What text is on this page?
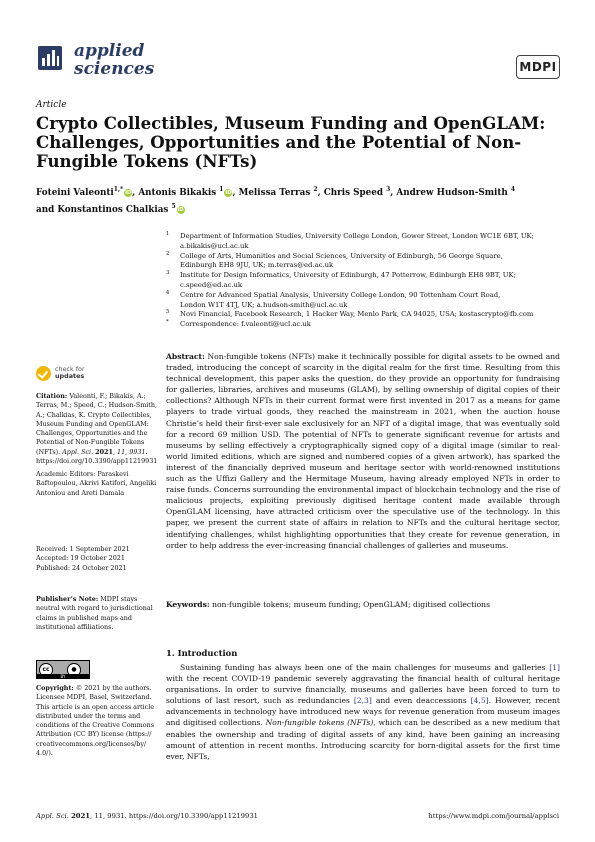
applied
sciences	MDPI
Article
Crypto Collectibles, Museum Funding and OpenGLAM: Challenges, Opportunities and the Potential of Non-Fungible Tokens (NFTs)
Foteini Valeonti$^{1,*}$ iD, Antonis Bikakis $^1$ iD, Melissa Terras $^2$, Chris Speed $^3$, Andrew Hudson-Smith $^4$
and Konstantinos Chalkias $^5$ iD
1 Department of Information Studies, University College London, Gower Street, London WC1E 6BT, UK;
a.bikakis@ucl.ac.uk
2 College of Arts, Humanities and Social Sciences, University of Edinburgh, 56 George Square,
Edinburgh EH8 9JU, UK; m.terras@ed.ac.uk
3 Institute for Design Informatics, University of Edinburgh, 47 Potterrow, Edinburgh EH8 9BT, UK;
c.speed@ed.ac.uk
4 Centre for Advanced Spatial Analysis, University College London, 90 Tottenham Court Road,
London W1T 4TJ, UK; a.hudson-smith@ucl.ac.uk
5 Novi Financial, Facebook Research, 1 Hacker Way, Menlo Park, CA 94025, USA; kostascrypto@fb.com
* Correspondence: f.valeonti@ucl.ac.uk
check for
updates
Citation: Valeonti, F.; Bikakis, A.; Terras, M.; Speed, C.; Hudson-Smith, A.; Chalkias, K. Crypto Collectibles, Museum Funding and OpenGLAM: Challenges, Opportunities and the Potential of Non-Fungible Tokens (NFTs). Appl. Sci. 2021, 11, 9931. https://doi.org/10.3390/app11219931
Academic Editors: Paraskevi Raftopoulou, Akrivi Katifori, Angeliki Antoniou and Areti Damala
Received: 1 September 2021
Accepted: 19 October 2021
Published: 24 October 2021
Publisher’s Note: MDPI stays neutral with regard to jurisdictional claims in published maps and institutional affiliations.
cc	●
BY
Copyright: © 2021 by the authors. Licensee MDPI, Basel, Switzerland. This article is an open access article distributed under the terms and conditions of the Creative Commons Attribution (CC BY) license (https:// creativecommons.org/licenses/by/ 4.0/).
Abstract: Non-fungible tokens (NFTs) make it technically possible for digital assets to be owned and traded, introducing the concept of scarcity in the digital realm for the first time. Resulting from this technical development, this paper asks the question, do they provide an opportunity for fundraising for galleries, libraries, archives and museums (GLAM), by selling ownership of digital copies of their collections? Although NFTs in their current format were first invented in 2017 as a means for game players to trade virtual goods, they reached the mainstream in 2021, when the auction house Christie’s held their first-ever sale exclusively for an NFT of a digital image, that was eventually sold for a record 69 million USD. The potential of NFTs to generate significant revenue for artists and museums by selling effectively a cryptographically signed copy of a digital image (similar to real-world limited editions, which are signed and numbered copies of a given artwork), has sparked the interest of the financially deprived museum and heritage sector with world-renowned institutions such as the Uffizi Gallery and the Hermitage Museum, having already employed NFTs in order to raise funds. Concerns surrounding the environmental impact of blockchain technology and the rise of malicious projects, exploiting previously digitised heritage content made available through OpenGLAM licensing, have attracted criticism over the speculative use of the technology. In this paper, we present the current state of affairs in relation to NFTs and the cultural heritage sector, identifying challenges, whilst highlighting opportunities that they create for revenue generation, in order to help address the ever-increasing financial challenges of galleries and museums.
Keywords: non-fungible tokens; museum funding; OpenGLAM; digitised collections
1. Introduction
Sustaining funding has always been one of the main challenges for museums and galleries [1] with the recent COVID-19 pandemic severely aggravating the financial health of cultural heritage organisations. In order to survive financially, museums and galleries have been forced to turn to solutions of last resort, such as redundancies [2,3] and even deaccessions [4,5]. However, recent advancements in technology have introduced new ways for revenue generation from museum images and digitised collections. Non-fungible tokens (NFTs), which can be described as a new medium that enables the ownership and trading of digital assets of any kind, have been gaining an increasing amount of attention in recent months. Introducing scarcity for born-digital assets for the first time ever, NFTs,
Appl. Sci. 2021, 11, 9931. https://doi.org/10.3390/app11219931	https://www.mdpi.com/journal/applsci
